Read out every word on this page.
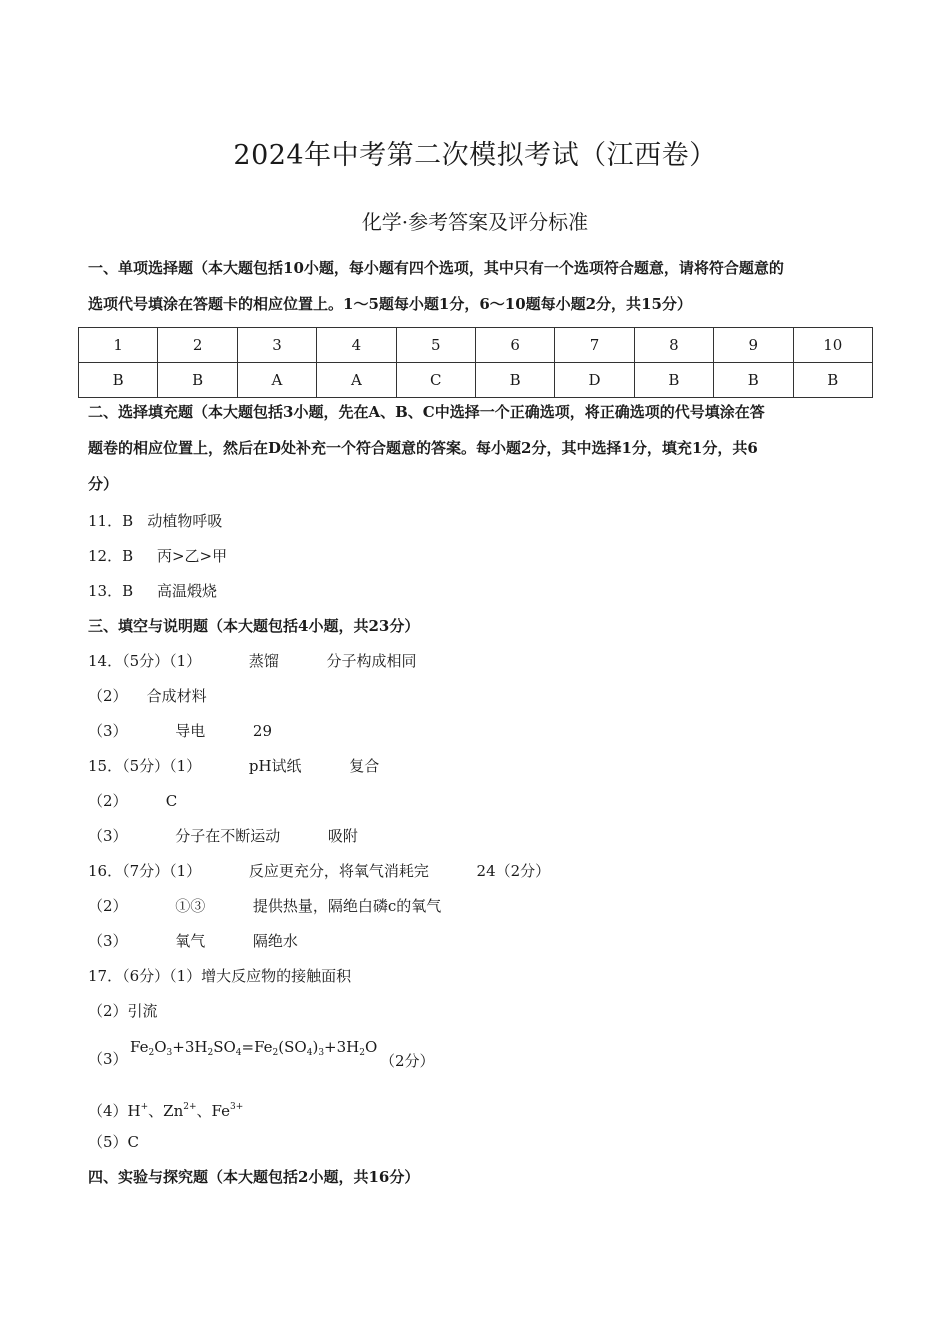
2024年中考第二次模拟考试（江西卷）
化学·参考答案及评分标准
一、单项选择题（本大题包括10小题，每小题有四个选项，其中只有一个选项符合题意，请将符合题意的
选项代号填涂在答题卡的相应位置上。1～5题每小题1分，6～10题每小题2分，共15分）
1	2	3	4	5	6	7	8	9	10
B	B	A	A	C	B	D	B	B	B
二、选择填充题（本大题包括3小题，先在A、B、C中选择一个正确选项，将正确选项的代号填涂在答
题卷的相应位置上，然后在D处补充一个符合题意的答案。每小题2分，其中选择1分，填充1分，共6
分）
11．B   动植物呼吸
12．B     丙>乙>甲
13．B     高温煅烧
三、填空与说明题（本大题包括4小题，共23分）
14．（5分）（1）          蒸馏          分子构成相同
（2）    合成材料
（3）          导电          29
15．（5分）（1）          pH试纸          复合
（2）        C
（3）          分子在不断运动          吸附
16．（7分）（1）          反应更充分，将氧气消耗完          24（2分）
（2）          ①③          提供热量，隔绝白磷c的氧气
（3）          氧气          隔绝水
17．（6分）（1）增大反应物的接触面积
（2）引流
（3）
$Fe_2O_3+3H_2SO_4=Fe_2(SO_4)_3+3H_2O$
（2分）
（4）H+、$Zn^{2+}$、$Fe^{3+}$
（5）C
四、实验与探究题（本大题包括2小题，共16分）
